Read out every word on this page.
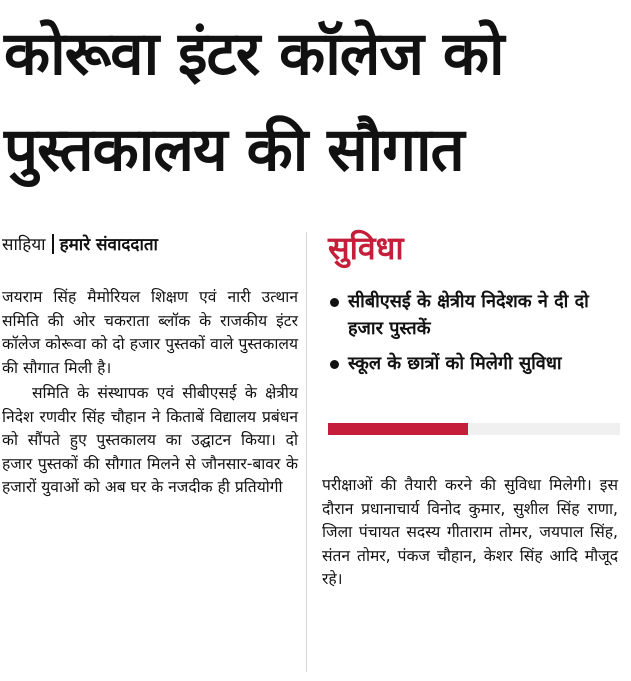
कोरूवा इंटर कॉलेज को
पुस्तकालय की सौगात
साहिया हमारे संवाददाता

जयराम सिंह मैमोरियल शिक्षण एवं नारी उत्थान समिति की ओर चकराता ब्लॉक के राजकीय इंटर कॉलेज कोरूवा को दो हजार पुस्तकों वाले पुस्तकालय की सौगात मिली है।

समिति के संस्थापक एवं सीबीएसई के क्षेत्रीय निदेश रणवीर सिंह चौहान ने किताबें विद्यालय प्रबंधन को सौंपते हुए पुस्तकालय का उद्घाटन किया। दो हजार पुस्तकों की सौगात मिलने से जौनसार-बावर के हजारों युवाओं को अब घर के नजदीक ही प्रतियोगी

सुविधा
सीबीएसई के क्षेत्रीय निदेशक ने दी दो हजार पुस्तकें
स्कूल के छात्रों को मिलेगी सुविधा

परीक्षाओं की तैयारी करने की सुविधा मिलेगी। इस दौरान प्रधानाचार्य विनोद कुमार, सुशील सिंह राणा, जिला पंचायत सदस्य गीताराम तोमर, जयपाल सिंह, संतन तोमर, पंकज चौहान, केशर सिंह आदि मौजूद रहे।
